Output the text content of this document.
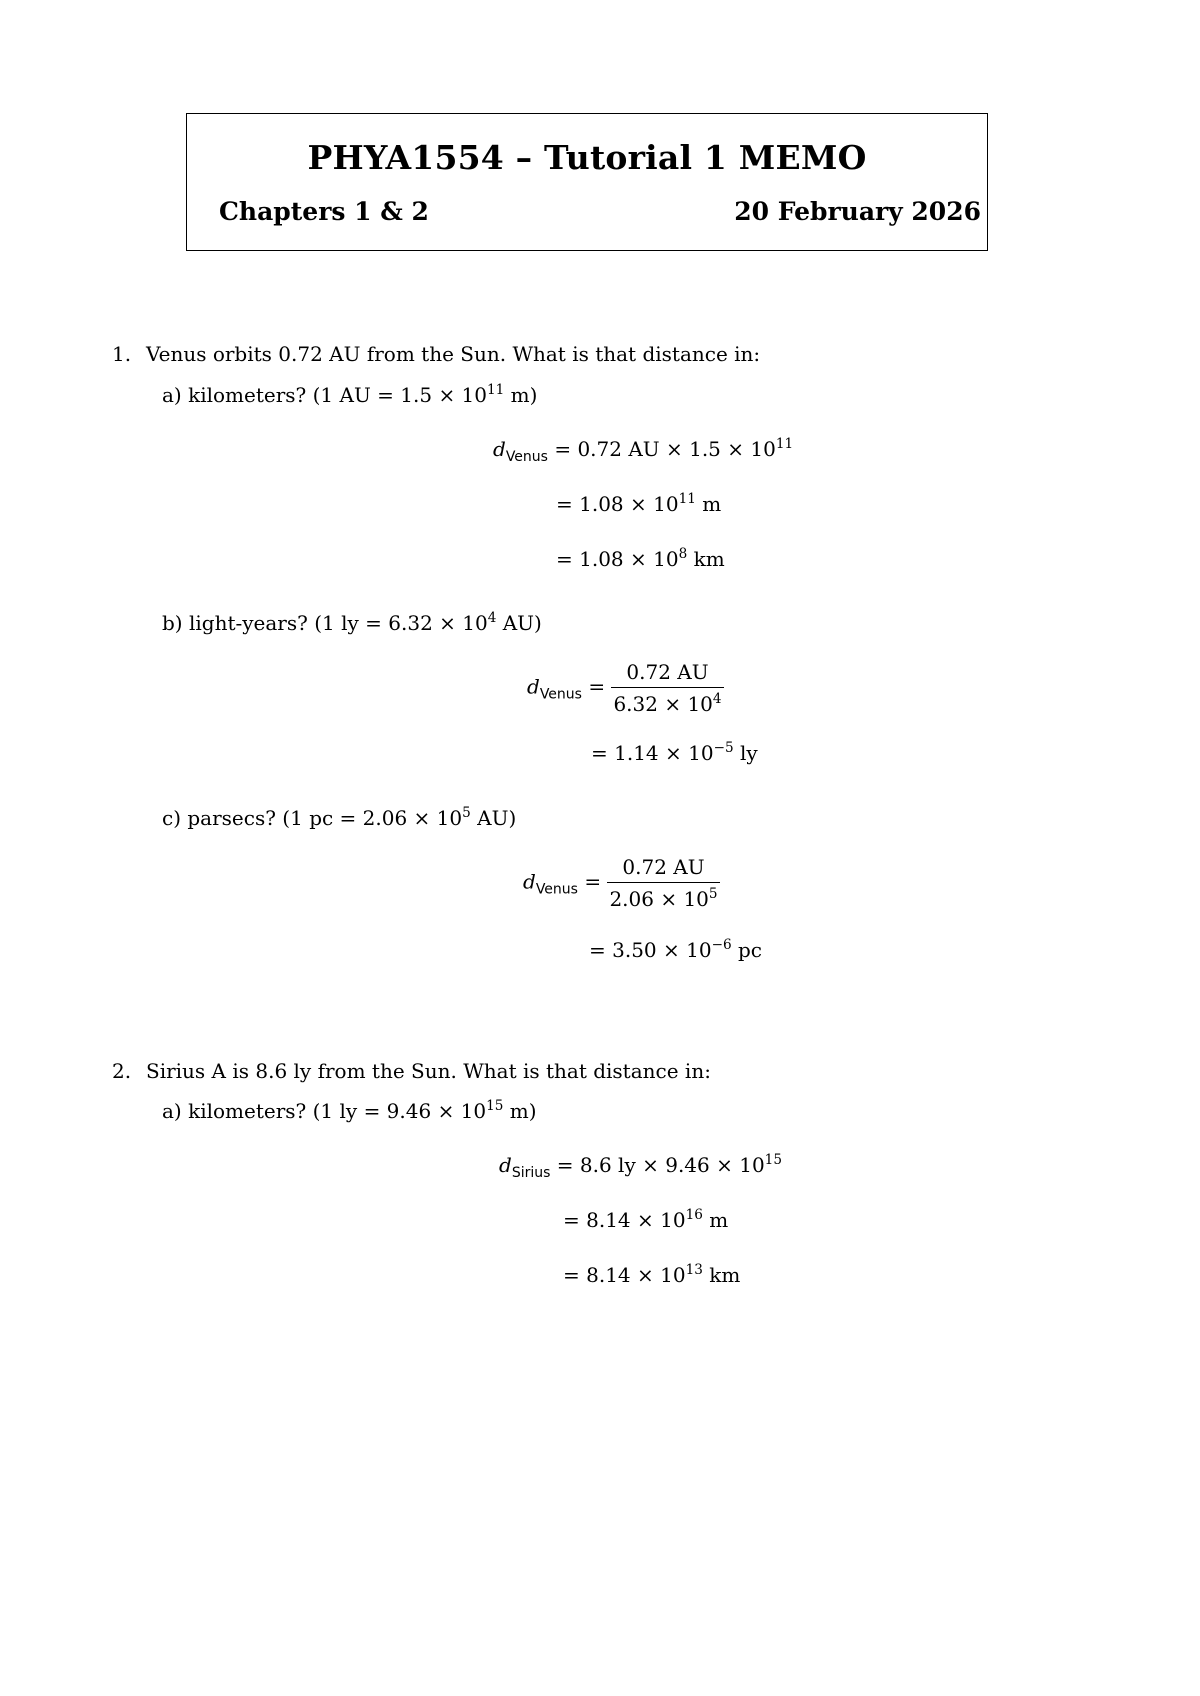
PHYA1554 – Tutorial 1 MEMO
Chapters 1 & 2	20 February 2026
1. Venus orbits 0.72 AU from the Sun. What is that distance in:
a) kilometers? (1 AU = $1.5 \times 10^{11}$ m)
$d_{Venus} = 0.72$ AU × $1.5 \times 10^{11}$
= $1.08 \times 10^{11}$ m
= $1.08 \times 10^8$ km
b) light-years? (1 ly = $6.32 \times 10^4$ AU)
$d_{Venus} = \frac{0.72 AU}{6.32 \times 10^4}$
= $1.14 \times 10^{-5}$ ly
c) parsecs? (1 pc = $2.06 \times 10^5$ AU)
$d_{Venus} = \frac{0.72 AU}{2.06 \times 10^5}$
= $3.50 \times 10^{-6}$ pc
2. Sirius A is 8.6 ly from the Sun. What is that distance in:
a) kilometers? (1 ly = $9.46 \times 10^{15}$ m)
$d_{Sirius} = 8.6$ ly × $9.46 \times 10^{15}$
= $8.14 \times 10^{16}$ m
= $8.14 \times 10^{13}$ km
